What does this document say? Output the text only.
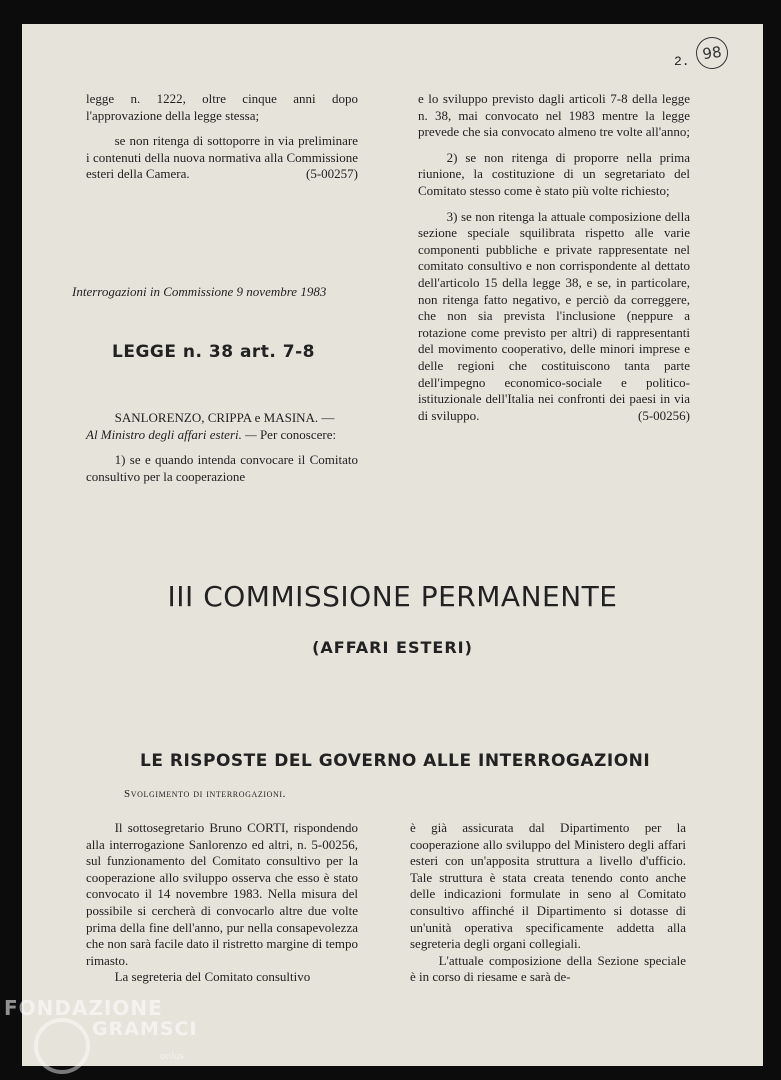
2. 98

legge n. 1222, oltre cinque anni dopo l'approvazione della legge stessa;

se non ritenga di sottoporre in via preliminare i contenuti della nuova normativa alla Commissione esteri della Camera.	(5-00257)

Interrogazioni in Commissione 9 novembre 1983
LEGGE n. 38 art. 7-8

SANLORENZO, CRIPPA e MASINA. —
Al Ministro degli affari esteri. — Per conoscere:

1) se e quando intenda convocare il Comitato consultivo per la cooperazione

e lo sviluppo previsto dagli articoli 7-8 della legge n. 38, mai convocato nel 1983 mentre la legge prevede che sia convocato almeno tre volte all'anno;

2) se non ritenga di proporre nella prima riunione, la costituzione di un segretariato del Comitato stesso come è stato più volte richiesto;

3) se non ritenga la attuale composizione della sezione speciale squilibrata rispetto alle varie componenti pubbliche e private rappresentate nel comitato consultivo e non corrispondente al dettato dell'articolo 15 della legge 38, e se, in particolare, non ritenga fatto negativo, e perciò da correggere, che non sia prevista l'inclusione (neppure a rotazione come previsto per altri) di rappresentanti del movimento cooperativo, delle minori imprese e delle regioni che costituiscono tanta parte dell'impegno economico-sociale e politico-istituzionale dell'Italia nei confronti dei paesi in via di sviluppo.	(5-00256)

III COMMISSIONE PERMANENTE
(AFFARI ESTERI)
LE RISPOSTE DEL GOVERNO ALLE INTERROGAZIONI
Svolgimento di interrogazioni.

Il sottosegretario Bruno CORTI, rispondendo alla interrogazione Sanlorenzo ed altri, n. 5-00256, sul funzionamento del Comitato consultivo per la cooperazione allo sviluppo osserva che esso è stato convocato il 14 novembre 1983. Nella misura del possibile si cercherà di convocarlo altre due volte prima della fine dell'anno, pur nella consapevolezza che non sarà facile dato il ristretto margine di tempo rimasto.

La segreteria del Comitato consultivo

è già assicurata dal Dipartimento per la cooperazione allo sviluppo del Ministero degli affari esteri con un'apposita struttura a livello d'ufficio. Tale struttura è stata creata tenendo conto anche delle indicazioni formulate in seno al Comitato consultivo affinché il Dipartimento si dotasse di un'unità operativa specificamente addetta alla segreteria degli organi collegiali.

L'attuale composizione della Sezione speciale è in corso di riesame e sarà de-

FONDAZIONE
GRAMSCI
onlus
